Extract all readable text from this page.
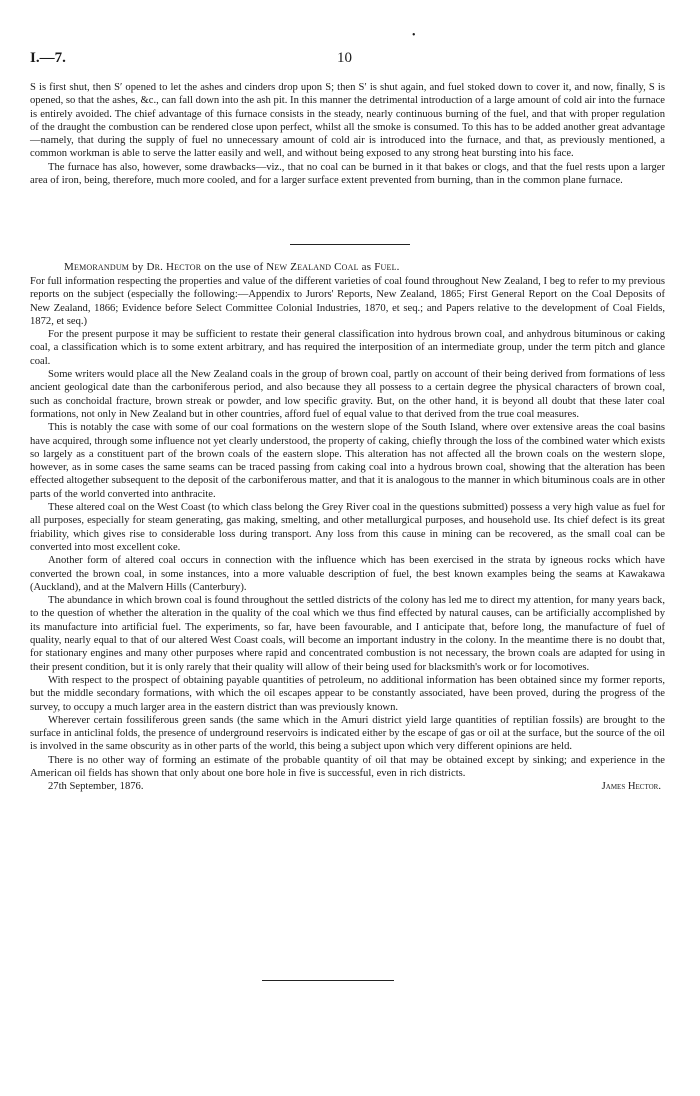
I.—7.	10
•

S is first shut, then S′ opened to let the ashes and cinders drop upon S; then S′ is shut again, and fuel stoked down to cover it, and now, finally, S is opened, so that the ashes, &c., can fall down into the ash pit. In this manner the detrimental introduction of a large amount of cold air into the furnace is entirely avoided. The chief advantage of this furnace consists in the steady, nearly continuous burning of the fuel, and that with proper regulation of the draught the combustion can be rendered close upon perfect, whilst all the smoke is consumed. To this has to be added another great advantage—namely, that during the supply of fuel no unnecessary amount of cold air is introduced into the furnace, and that, as previously mentioned, a common workman is able to serve the latter easily and well, and without being exposed to any strong heat bursting into his face.

The furnace has also, however, some drawbacks—viz., that no coal can be burned in it that bakes or clogs, and that the fuel rests upon a larger area of iron, being, therefore, much more cooled, and for a larger surface extent prevented from burning, than in the common plane furnace.

Memorandum by Dr. Hector on the use of New Zealand Coal as Fuel.

For full information respecting the properties and value of the different varieties of coal found throughout New Zealand, I beg to refer to my previous reports on the subject (especially the following:—Appendix to Jurors' Reports, New Zealand, 1865; First General Report on the Coal Deposits of New Zealand, 1866; Evidence before Select Committee Colonial Industries, 1870, et seq.; and Papers relative to the development of Coal Fields, 1872, et seq.)

For the present purpose it may be sufficient to restate their general classification into hydrous brown coal, and anhydrous bituminous or caking coal, a classification which is to some extent arbitrary, and has required the interposition of an intermediate group, under the term pitch and glance coal.

Some writers would place all the New Zealand coals in the group of brown coal, partly on account of their being derived from formations of less ancient geological date than the carboniferous period, and also because they all possess to a certain degree the physical characters of brown coal, such as conchoidal fracture, brown streak or powder, and low specific gravity. But, on the other hand, it is beyond all doubt that these later coal formations, not only in New Zealand but in other countries, afford fuel of equal value to that derived from the true coal measures.

This is notably the case with some of our coal formations on the western slope of the South Island, where over extensive areas the coal basins have acquired, through some influence not yet clearly understood, the property of caking, chiefly through the loss of the combined water which exists so largely as a constituent part of the brown coals of the eastern slope. This alteration has not affected all the brown coals on the western slope, however, as in some cases the same seams can be traced passing from caking coal into a hydrous brown coal, showing that the alteration has been effected altogether subsequent to the deposit of the carboniferous matter, and that it is analogous to the manner in which bituminous coals are in other parts of the world converted into anthracite.

These altered coal on the West Coast (to which class belong the Grey River coal in the questions submitted) possess a very high value as fuel for all purposes, especially for steam generating, gas making, smelting, and other metallurgical purposes, and household use. Its chief defect is its great friability, which gives rise to considerable loss during transport. Any loss from this cause in mining can be recovered, as the small coal can be converted into most excellent coke.

Another form of altered coal occurs in connection with the influence which has been exercised in the strata by igneous rocks which have converted the brown coal, in some instances, into a more valuable description of fuel, the best known examples being the seams at Kawakawa (Auckland), and at the Malvern Hills (Canterbury).

The abundance in which brown coal is found throughout the settled districts of the colony has led me to direct my attention, for many years back, to the question of whether the alteration in the quality of the coal which we thus find effected by natural causes, can be artificially accomplished by its manufacture into artificial fuel. The experiments, so far, have been favourable, and I anticipate that, before long, the manufacture of fuel of quality, nearly equal to that of our altered West Coast coals, will become an important industry in the colony. In the meantime there is no doubt that, for stationary engines and many other purposes where rapid and concentrated combustion is not necessary, the brown coals are adapted for using in their present condition, but it is only rarely that their quality will allow of their being used for blacksmith's work or for locomotives.

With respect to the prospect of obtaining payable quantities of petroleum, no additional information has been obtained since my former reports, but the middle secondary formations, with which the oil escapes appear to be constantly associated, have been proved, during the progress of the survey, to occupy a much larger area in the eastern district than was previously known.

Wherever certain fossiliferous green sands (the same which in the Amuri district yield large quantities of reptilian fossils) are brought to the surface in anticlinal folds, the presence of underground reservoirs is indicated either by the escape of gas or oil at the surface, but the source of the oil is involved in the same obscurity as in other parts of the world, this being a subject upon which very different opinions are held.

There is no other way of forming an estimate of the probable quantity of oil that may be obtained except by sinking; and experience in the American oil fields has shown that only about one bore hole in five is successful, even in rich districts.

27th September, 1876.	James Hector.
